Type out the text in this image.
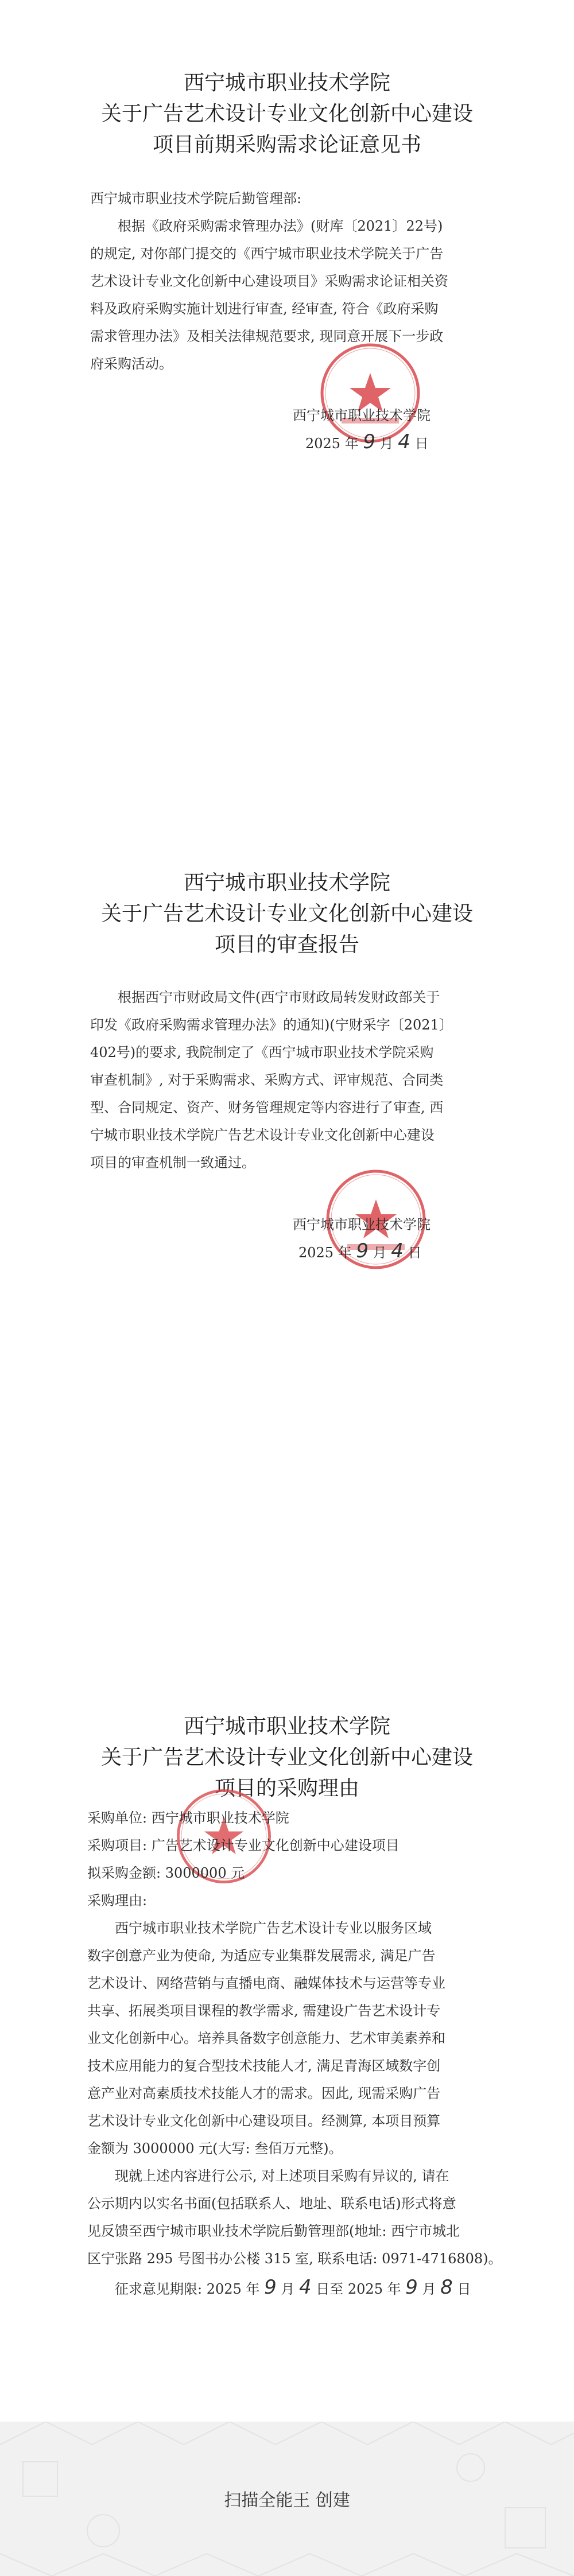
西宁城市职业技术学院
关于广告艺术设计专业文化创新中心建设
项目前期采购需求论证意见书
西宁城市职业技术学院后勤管理部:
根据《政府采购需求管理办法》(财库〔2021〕22号)
的规定, 对你部门提交的《西宁城市职业技术学院关于广告
艺术设计专业文化创新中心建设项目》采购需求论证相关资
料及政府采购实施计划进行审查, 经审查, 符合《政府采购
需求管理办法》及相关法律规范要求, 现同意开展下一步政
府采购活动。
西宁城市职业技术学院
2025 年 9 月 4 日
西宁城市职业技术学院
关于广告艺术设计专业文化创新中心建设
项目的审查报告
根据西宁市财政局文件(西宁市财政局转发财政部关于
印发《政府采购需求管理办法》的通知)(宁财采字〔2021〕
402号)的要求, 我院制定了《西宁城市职业技术学院采购
审查机制》, 对于采购需求、采购方式、评审规范、合同类
型、合同规定、资产、财务管理规定等内容进行了审查, 西
宁城市职业技术学院广告艺术设计专业文化创新中心建设
项目的审查机制一致通过。
西宁城市职业技术学院
2025 年 9 月 4 日
西宁城市职业技术学院
关于广告艺术设计专业文化创新中心建设
项目的采购理由
采购单位: 西宁城市职业技术学院
采购项目: 广告艺术设计专业文化创新中心建设项目
拟采购金额: 3000000 元
采购理由:
西宁城市职业技术学院广告艺术设计专业以服务区域
数字创意产业为使命, 为适应专业集群发展需求, 满足广告
艺术设计、网络营销与直播电商、融媒体技术与运营等专业
共享、拓展类项目课程的教学需求, 需建设广告艺术设计专
业文化创新中心。培养具备数字创意能力、艺术审美素养和
技术应用能力的复合型技术技能人才, 满足青海区域数字创
意产业对高素质技术技能人才的需求。因此, 现需采购广告
艺术设计专业文化创新中心建设项目。经测算, 本项目预算
金额为 3000000 元(大写: 叁佰万元整)。
现就上述内容进行公示, 对上述项目采购有异议的, 请在
公示期内以实名书面(包括联系人、地址、联系电话)形式将意
见反馈至西宁城市职业技术学院后勤管理部(地址: 西宁市城北
区宁张路 295 号图书办公楼 315 室, 联系电话: 0971-4716808)。
征求意见期限: 2025 年 9 月 4 日至 2025 年 9 月 8 日
扫描全能王 创建
